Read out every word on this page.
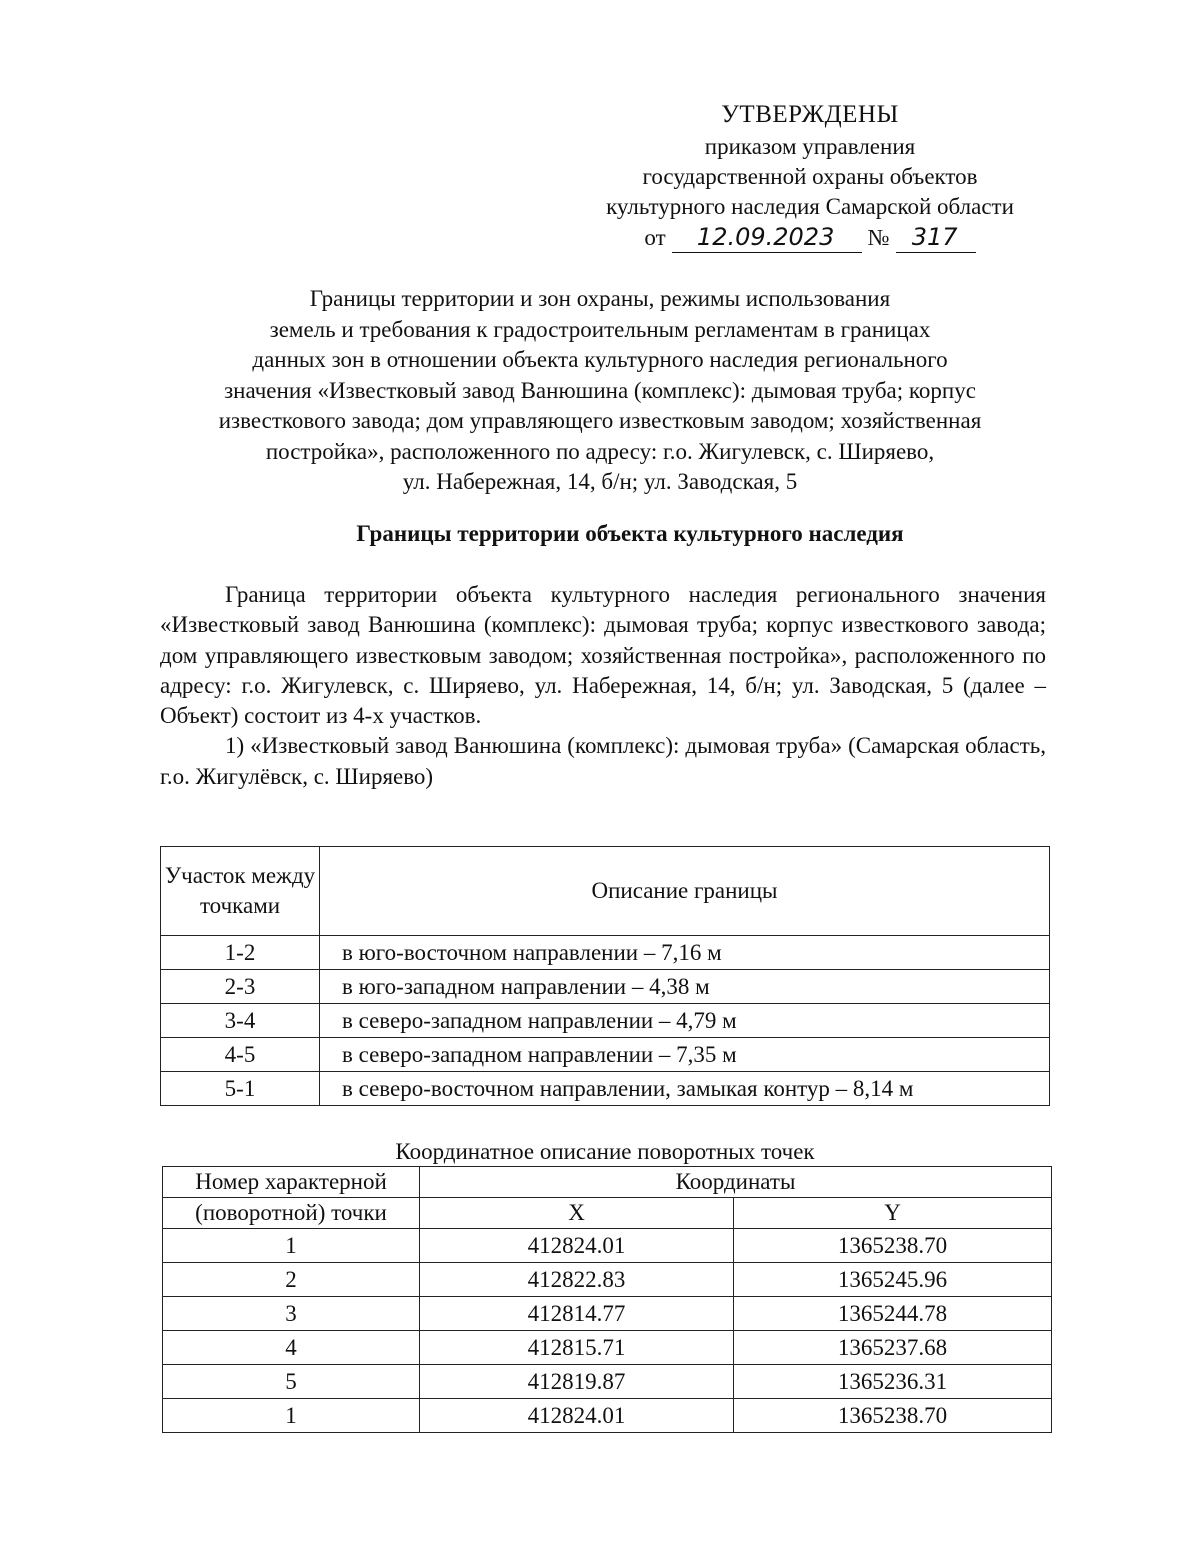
УТВЕРЖДЕНЫ
приказом управления
государственной охраны объектов
культурного наследия Самарской области
от	12.09.2023	№ 317
Границы территории и зон охраны, режимы использования
земель и требования к градостроительным регламентам в границах
данных зон в отношении объекта культурного наследия регионального
значения «Известковый завод Ванюшина (комплекс): дымовая труба; корпус
известкового завода; дом управляющего известковым заводом; хозяйственная
постройка», расположенного по адресу: г.о. Жигулевск, с. Ширяево,
ул. Набережная, 14, б/н; ул. Заводская, 5
Границы территории объекта культурного наследия

Граница территории объекта культурного наследия регионального значения «Известковый завод Ванюшина (комплекс): дымовая труба; корпус известкового завода; дом управляющего известковым заводом; хозяйственная постройка», расположенного по адресу: г.о. Жигулевск, с. Ширяево, ул. Набережная, 14, б/н; ул. Заводская, 5 (далее – Объект) состоит из 4-х участков.

1) «Известковый завод Ванюшина (комплекс): дымовая труба» (Самарская область, г.о. Жигулёвск, с. Ширяево)

Участок между точками	Описание границы
1-2	в юго-восточном направлении – 7,16 м
2-3	в юго-западном направлении – 4,38 м
3-4	в северо-западном направлении – 4,79 м
4-5	в северо-западном направлении – 7,35 м
5-1	в северо-восточном направлении, замыкая контур – 8,14 м
Координатное описание поворотных точек
Номер характерной	Координаты	
(поворотной) точки	X	Y
1	412824.01	1365238.70
2	412822.83	1365245.96
3	412814.77	1365244.78
4	412815.71	1365237.68
5	412819.87	1365236.31
1	412824.01	1365238.70
